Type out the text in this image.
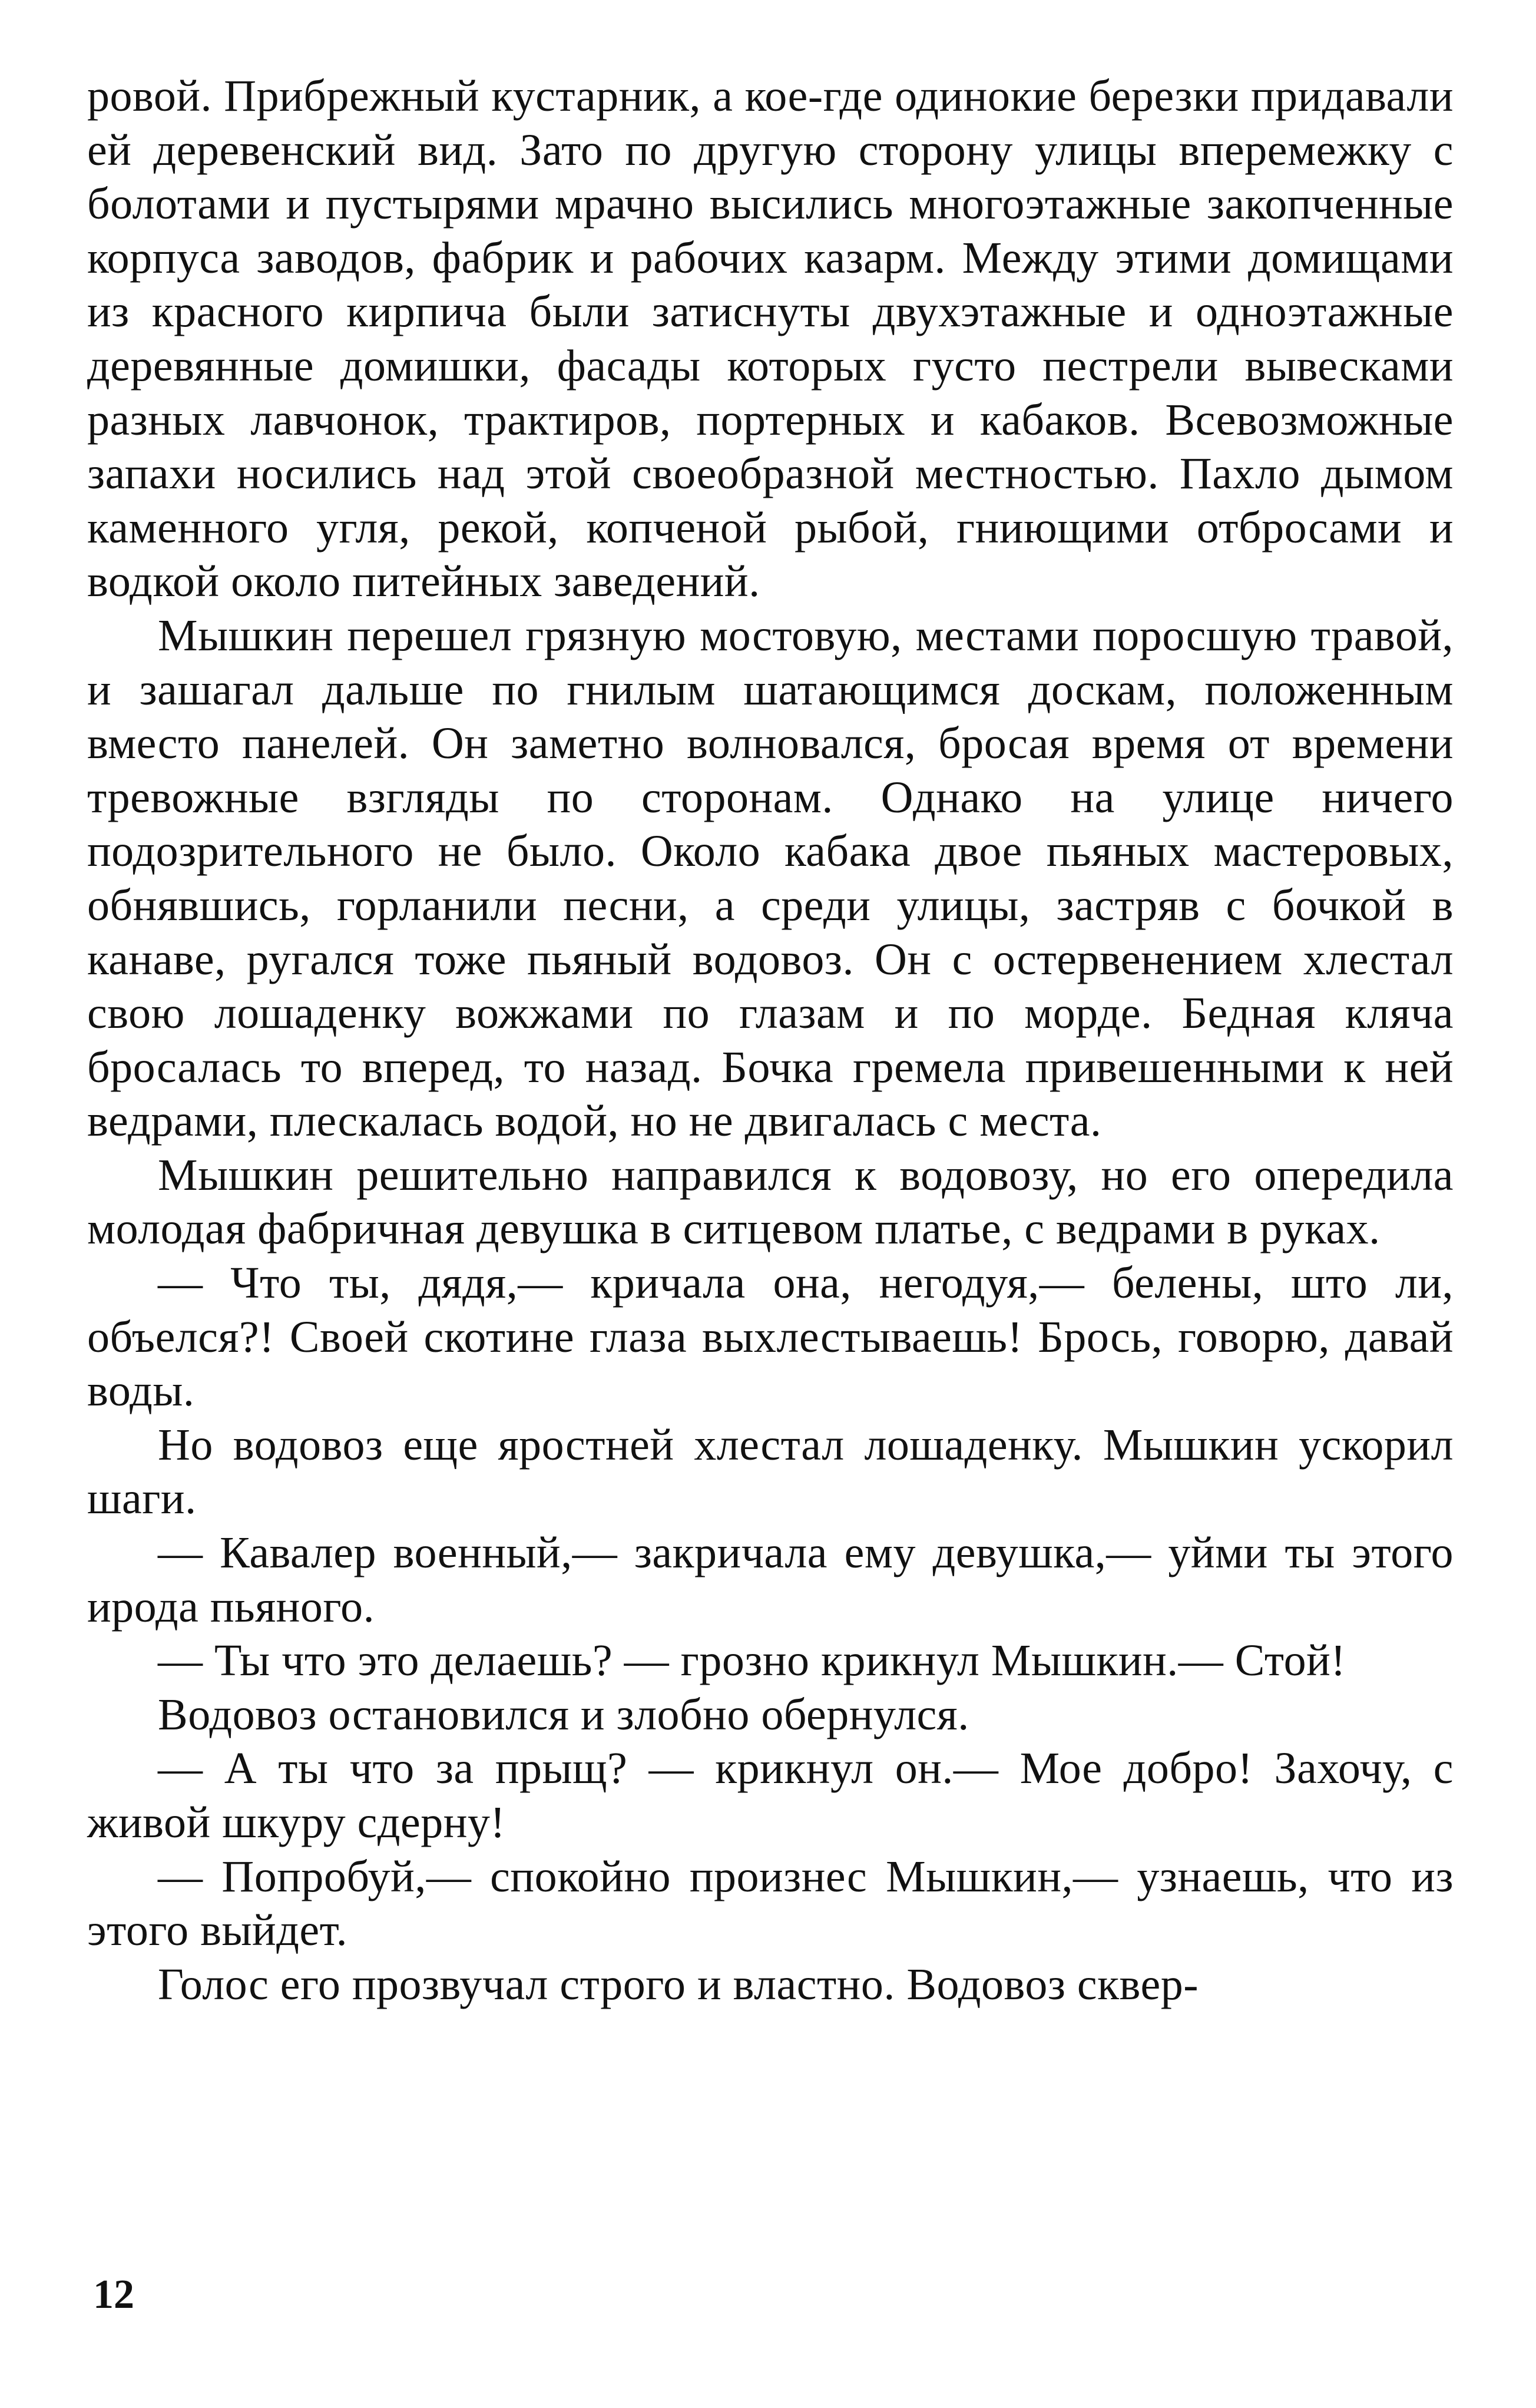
ровой. Прибрежный кустарник, а кое-где одинокие березки придавали ей деревенский вид. Зато по другую сторону улицы вперемежку с болотами и пустырями мрачно высились многоэтажные закопченные корпуса заводов, фабрик и рабочих казарм. Между этими домищами из красного кирпича были затиснуты двухэтажные и одноэтажные деревянные домишки, фасады которых густо пестрели вывесками разных лавчонок, трактиров, портерных и кабаков. Всевозможные запахи носились над этой своеобразной местностью. Пахло дымом каменного угля, рекой, копченой рыбой, гниющими отбросами и водкой около питейных заведений.

Мышкин перешел грязную мостовую, местами поросшую травой, и зашагал дальше по гнилым шатающимся доскам, положенным вместо панелей. Он заметно волновался, бросая время от времени тревожные взгляды по сторонам. Однако на улице ничего подозрительного не было. Около кабака двое пьяных мастеровых, обнявшись, горланили песни, а среди улицы, застряв с бочкой в канаве, ругался тоже пьяный водовоз. Он с остервенением хлестал свою лошаденку вожжами по глазам и по морде. Бедная кляча бросалась то вперед, то назад. Бочка гремела привешенными к ней ведрами, плескалась водой, но не двигалась с места.

Мышкин решительно направился к водовозу, но его опередила молодая фабричная девушка в ситцевом платье, с ведрами в руках.

— Что ты, дядя,— кричала она, негодуя,— белены, што ли, объелся?! Своей скотине глаза выхлестываешь! Брось, говорю, давай воды.

Но водовоз еще яростней хлестал лошаденку. Мышкин ускорил шаги.

— Кавалер военный,— закричала ему девушка,— уйми ты этого ирода пьяного.

— Ты что это делаешь? — грозно крикнул Мышкин.— Стой!

Водовоз остановился и злобно обернулся.

— А ты что за прыщ? — крикнул он.— Мое добро! Захочу, с живой шкуру сдерну!

— Попробуй,— спокойно произнес Мышкин,— узнаешь, что из этого выйдет.

Голос его прозвучал строго и властно. Водовоз сквер-

12
